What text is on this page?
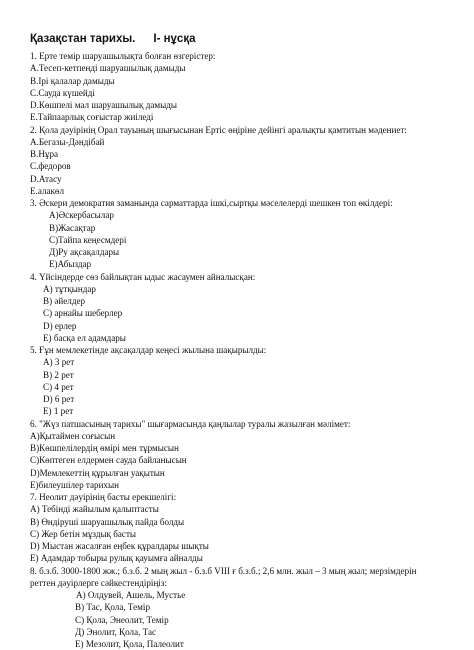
Қазақстан тарихы. І- нұсқа
1. Ерте темір шаруашылықта болған өзгерістер:
А.Тесеп-кетпенді шаруашылық дамыды
В.Ірі қалалар дамыды
С.Сауда күшейді
D.Көшпелі мал шаруашылық дамыды
Е.Тайпаарлық соғыстар жиіледі
2. Қола дәуірінің Орал тауының шығысынан Ертіс өңіріне дейінгі аралықты қамтитын мәдениет:
А.Бегазы-Дәндібай
В.Нұра
С.федоров
D.Атасу
Е.алакөл
3. Әскери демократия заманында сарматтарда ішкі,сыртқы мәселелерді шешкен топ өкілдері:
А)Әскербасылар
В)Жасақтар
С)Тайпа кеңесмдері
Д)Ру ақсақалдары
Е)Абыздар
4. Үйсіндерде сөз байлықтан ыдыс жасаумен айналысқан:
А) тұтқындар
В) әйелдер
С) арнайы шеберлер
D) ерлер
Е) басқа ел адамдары
5. Ғұн мемлекетінде ақсақалдар кеңесі жылына шақырылды:
А) 3 рет
В) 2 рет
С) 4 рет
D) 6 рет
Е) 1 рет
6. "Жүз патшасының тарихы" шығармасында қаңлылар туралы жазылған мәлімет:
А)Қытаймен соғысын
В)Көшпелілердің өмірі мен тұрмысын
С)Көптеген елдермен сауда байланысын
D)Мемлекеттің құрылған уақытын
Е)билеушілер тарихын
7. Неолит дәуірінің басты ерекшелігі:
А) Тебінді жайылым қалыптасты
В) Өндіруші шаруашылық пайда болды
С) Жер бетін мұздық басты
D) Мыстан жасалған еңбек құралдары шықты
Е) Адамдар тобыры рулық қауымға айналды
8. б.з.б. 3000-1800 жж.; б.з.б. 2 мың жыл - б.з.б VIII ғ б.з.б.; 2,6 млн. жыл – 3 мың жыл; мерзімдерін
реттен дәуірлерге сәйкестендіріңіз:
А) Олдувей, Ашель, Мустье
В) Тас, Қола, Темір
С) Қола, Энеолит, Темір
Д) Энолит, Қола, Тас
Е) Мезолит, Қола, Палеолит
